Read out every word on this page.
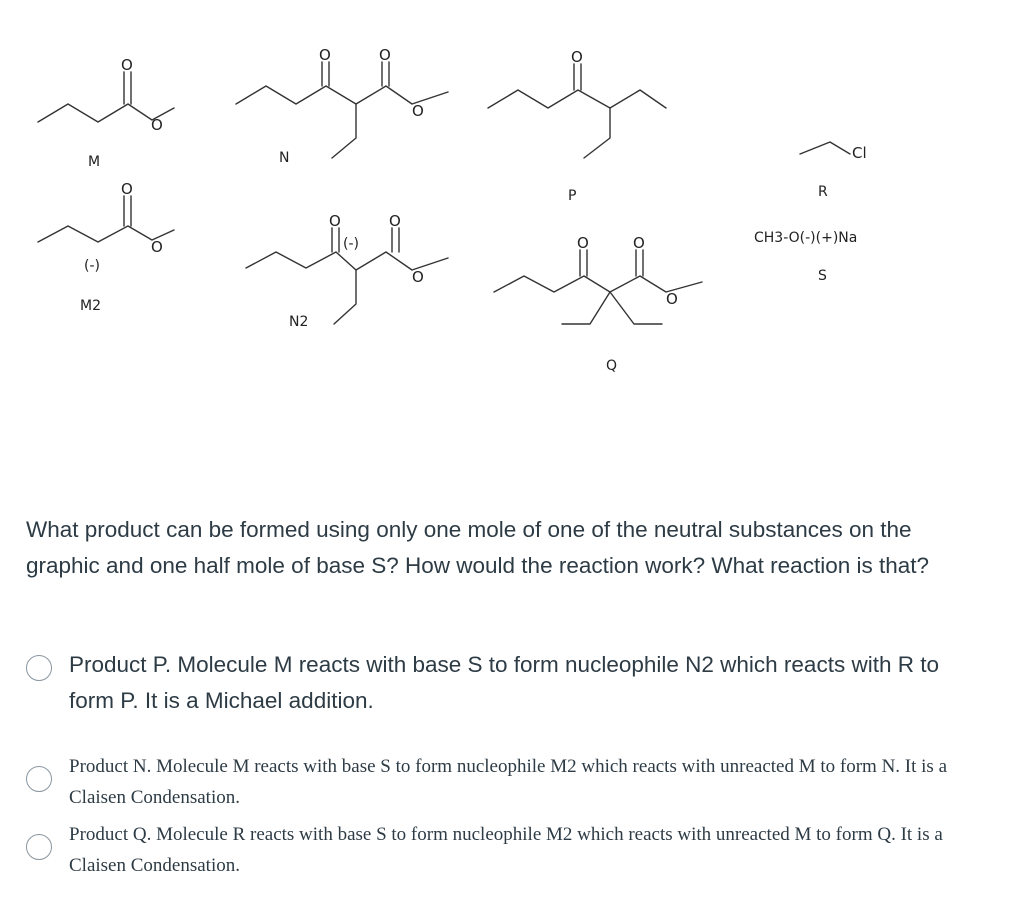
O
O
M
O	O
O
N
O
P
Cl
R
O
O
(-)
M2
O	O
O
(-)
N2
O	O
O
Q
CH3-O(-)(+)Na
S

What product can be formed using only one mole of one of the neutral substances on the graphic and one half mole of base S? How would the reaction work? What reaction is that?

Product P. Molecule M reacts with base S to form nucleophile N2 which reacts with R to form P. It is a Michael addition.
Product N. Molecule M reacts with base S to form nucleophile M2 which reacts with unreacted M to form N. It is a Claisen Condensation.
Product Q. Molecule R reacts with base S to form nucleophile M2 which reacts with unreacted M to form Q. It is a Claisen Condensation.
